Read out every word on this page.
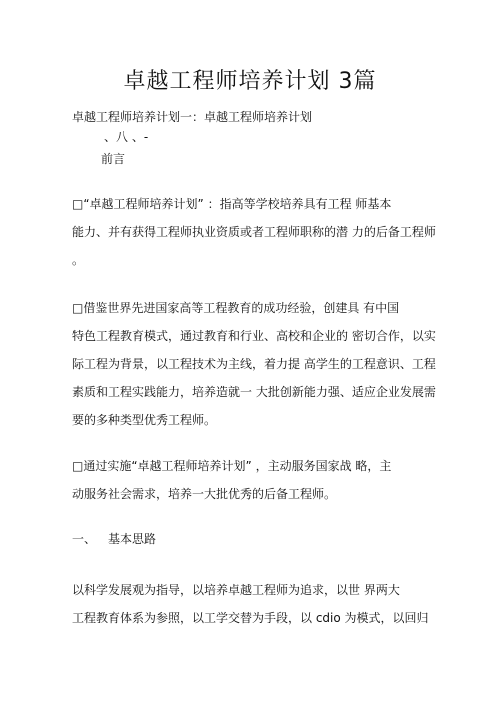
卓越工程师培养计划 3篇
卓越工程师培养计划一：卓越工程师培养计划
、八 、-
前言
□“卓越工程师培养计划” ：指高等学校培养具有工程 师基本
能力、并有获得工程师执业资质或者工程师职称的潜 力的后备工程师
。
□借鉴世界先进国家高等工程教育的成功经验，创建具 有中国
特色工程教育模式，通过教育和行业、高校和企业的 密切合作，以实
际工程为背景，以工程技术为主线，着力提 高学生的工程意识、工程
素质和工程实践能力，培养造就一 大批创新能力强、适应企业发展需
要的多种类型优秀工程师。
□通过实施“卓越工程师培养计划” ，主动服务国家战 略，主
动服务社会需求，培养一大批优秀的后备工程师。
一、 基本思路
以科学发展观为指导，以培养卓越工程师为追求，以世 界两大
工程教育体系为参照，以工学交替为手段，以 cdio 为模式，以回归
